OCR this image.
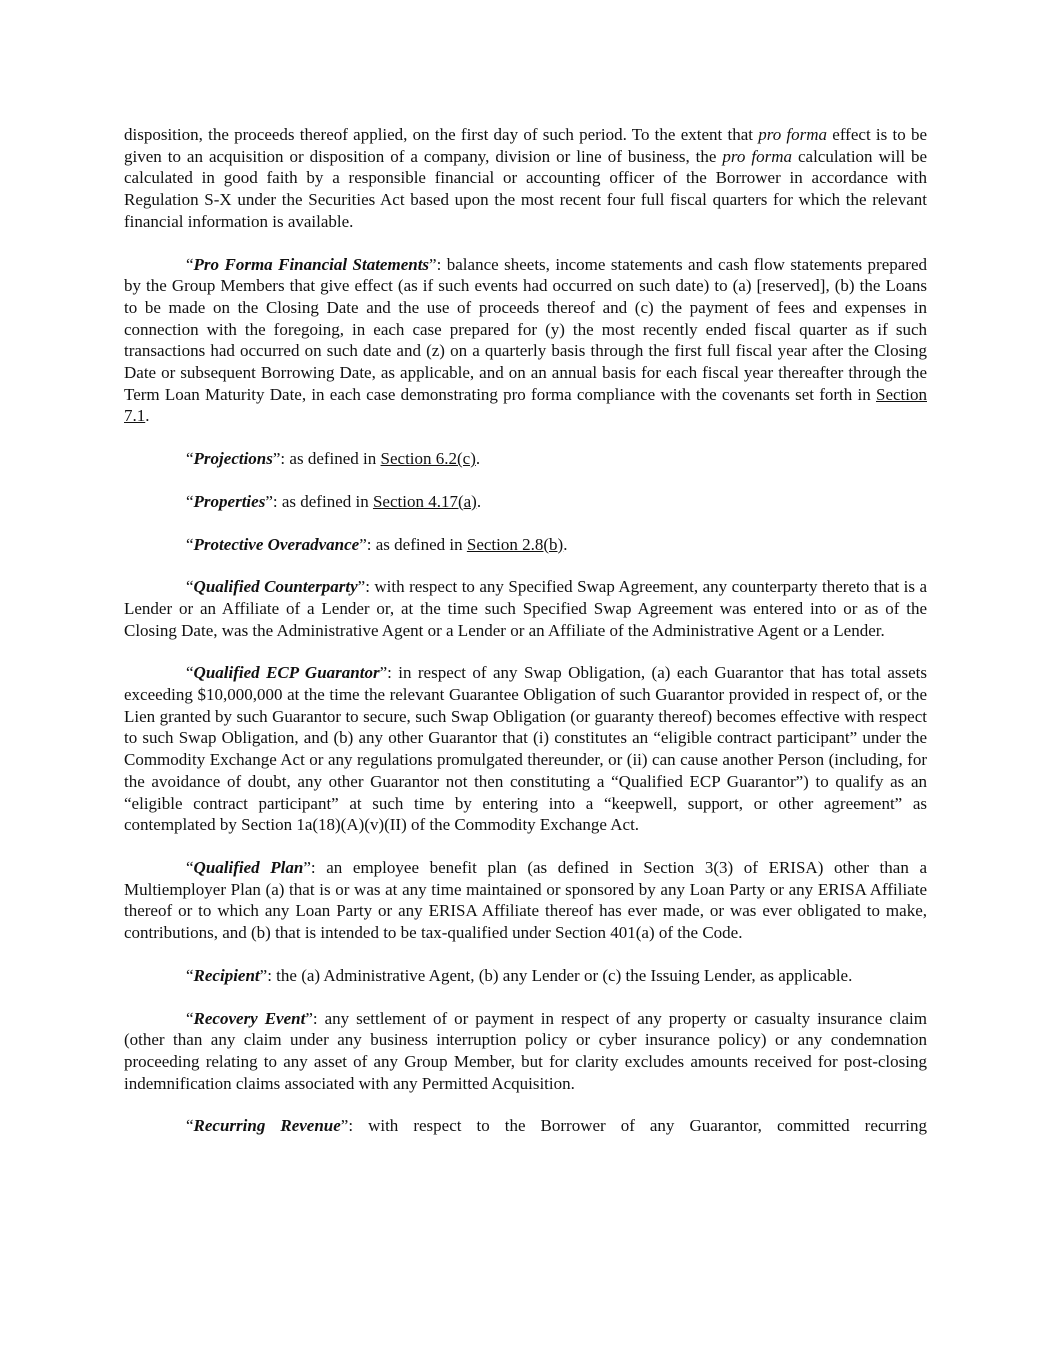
disposition, the proceeds thereof applied, on the first day of such period. To the extent that pro forma effect is to be given to an acquisition or disposition of a company, division or line of business, the pro forma calculation will be calculated in good faith by a responsible financial or accounting officer of the Borrower in accordance with Regulation S-X under the Securities Act based upon the most recent four full fiscal quarters for which the relevant financial information is available.

“Pro Forma Financial Statements”: balance sheets, income statements and cash flow statements prepared by the Group Members that give effect (as if such events had occurred on such date) to (a) [reserved], (b) the Loans to be made on the Closing Date and the use of proceeds thereof and (c) the payment of fees and expenses in connection with the foregoing, in each case prepared for (y) the most recently ended fiscal quarter as if such transactions had occurred on such date and (z) on a quarterly basis through the first full fiscal year after the Closing Date or subsequent Borrowing Date, as applicable, and on an annual basis for each fiscal year thereafter through the Term Loan Maturity Date, in each case demonstrating pro forma compliance with the covenants set forth in Section 7.1.

“Projections”: as defined in Section 6.2(c).

“Properties”: as defined in Section 4.17(a).

“Protective Overadvance”: as defined in Section 2.8(b).

“Qualified Counterparty”: with respect to any Specified Swap Agreement, any counterparty thereto that is a Lender or an Affiliate of a Lender or, at the time such Specified Swap Agreement was entered into or as of the Closing Date, was the Administrative Agent or a Lender or an Affiliate of the Administrative Agent or a Lender.

“Qualified ECP Guarantor”: in respect of any Swap Obligation, (a) each Guarantor that has total assets exceeding $10,000,000 at the time the relevant Guarantee Obligation of such Guarantor provided in respect of, or the Lien granted by such Guarantor to secure, such Swap Obligation (or guaranty thereof) becomes effective with respect to such Swap Obligation, and (b) any other Guarantor that (i) constitutes an “eligible contract participant” under the Commodity Exchange Act or any regulations promulgated thereunder, or (ii) can cause another Person (including, for the avoidance of doubt, any other Guarantor not then constituting a “Qualified ECP Guarantor”) to qualify as an “eligible contract participant” at such time by entering into a “keepwell, support, or other agreement” as contemplated by Section 1a(18)(A)(v)(II) of the Commodity Exchange Act.

“Qualified Plan”: an employee benefit plan (as defined in Section 3(3) of ERISA) other than a Multiemployer Plan (a) that is or was at any time maintained or sponsored by any Loan Party or any ERISA Affiliate thereof or to which any Loan Party or any ERISA Affiliate thereof has ever made, or was ever obligated to make, contributions, and (b) that is intended to be tax-qualified under Section 401(a) of the Code.

“Recipient”: the (a) Administrative Agent, (b) any Lender or (c) the Issuing Lender, as applicable.

“Recovery Event”: any settlement of or payment in respect of any property or casualty insurance claim (other than any claim under any business interruption policy or cyber insurance policy) or any condemnation proceeding relating to any asset of any Group Member, but for clarity excludes amounts received for post-closing indemnification claims associated with any Permitted Acquisition.

“Recurring Revenue”: with respect to the Borrower of any Guarantor, committed recurring
